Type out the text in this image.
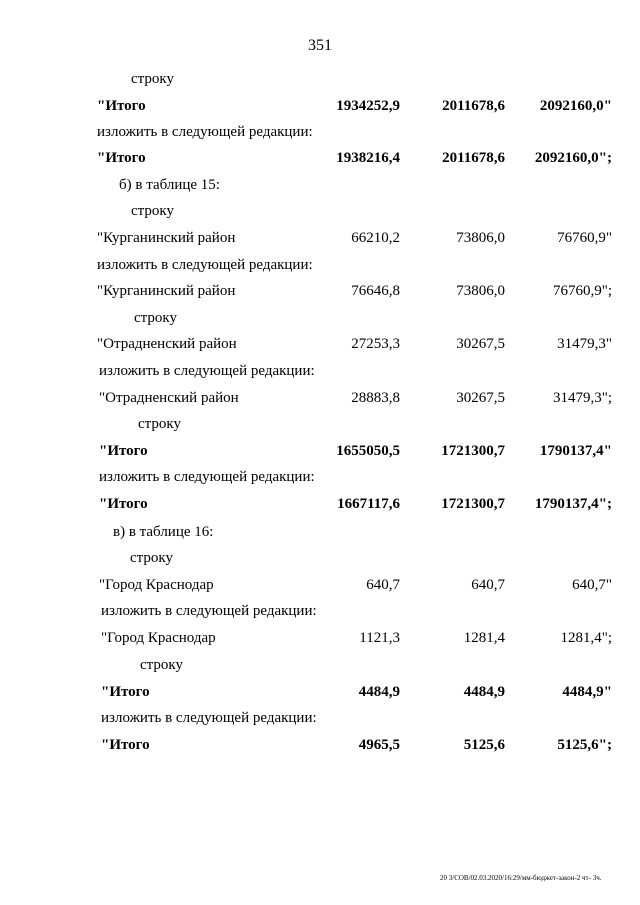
351
строку
"Итого	1934252,9	2011678,6 2092160,0"
изложить в следующей редакции:
"Итого	1938216,4	2011678,6 2092160,0";
б) в таблице 15:
строку
"Курганинский район	66210,2	73806,0	76760,9"
изложить в следующей редакции:
"Курганинский район	76646,8	73806,0	76760,9";
строку
"Отрадненский район	27253,3	30267,5	31479,3"
изложить в следующей редакции:
"Отрадненский район	28883,8	30267,5	31479,3";
строку
"Итого	1655050,5	1721300,7 1790137,4"
изложить в следующей редакции:
"Итого	1667117,6	1721300,7 1790137,4";
в) в таблице 16:
строку
"Город Краснодар	640,7	640,7	640,7"
изложить в следующей редакции:
"Город Краснодар	1121,3	1281,4	1281,4";
строку
"Итого	4484,9	4484,9	4484,9"
изложить в следующей редакции:
"Итого	4965,5	5125,6	5125,6";
20 3/СОВ/02.03.2020/16:29/мм-бюджет-закон-2 чт- 3ч.
